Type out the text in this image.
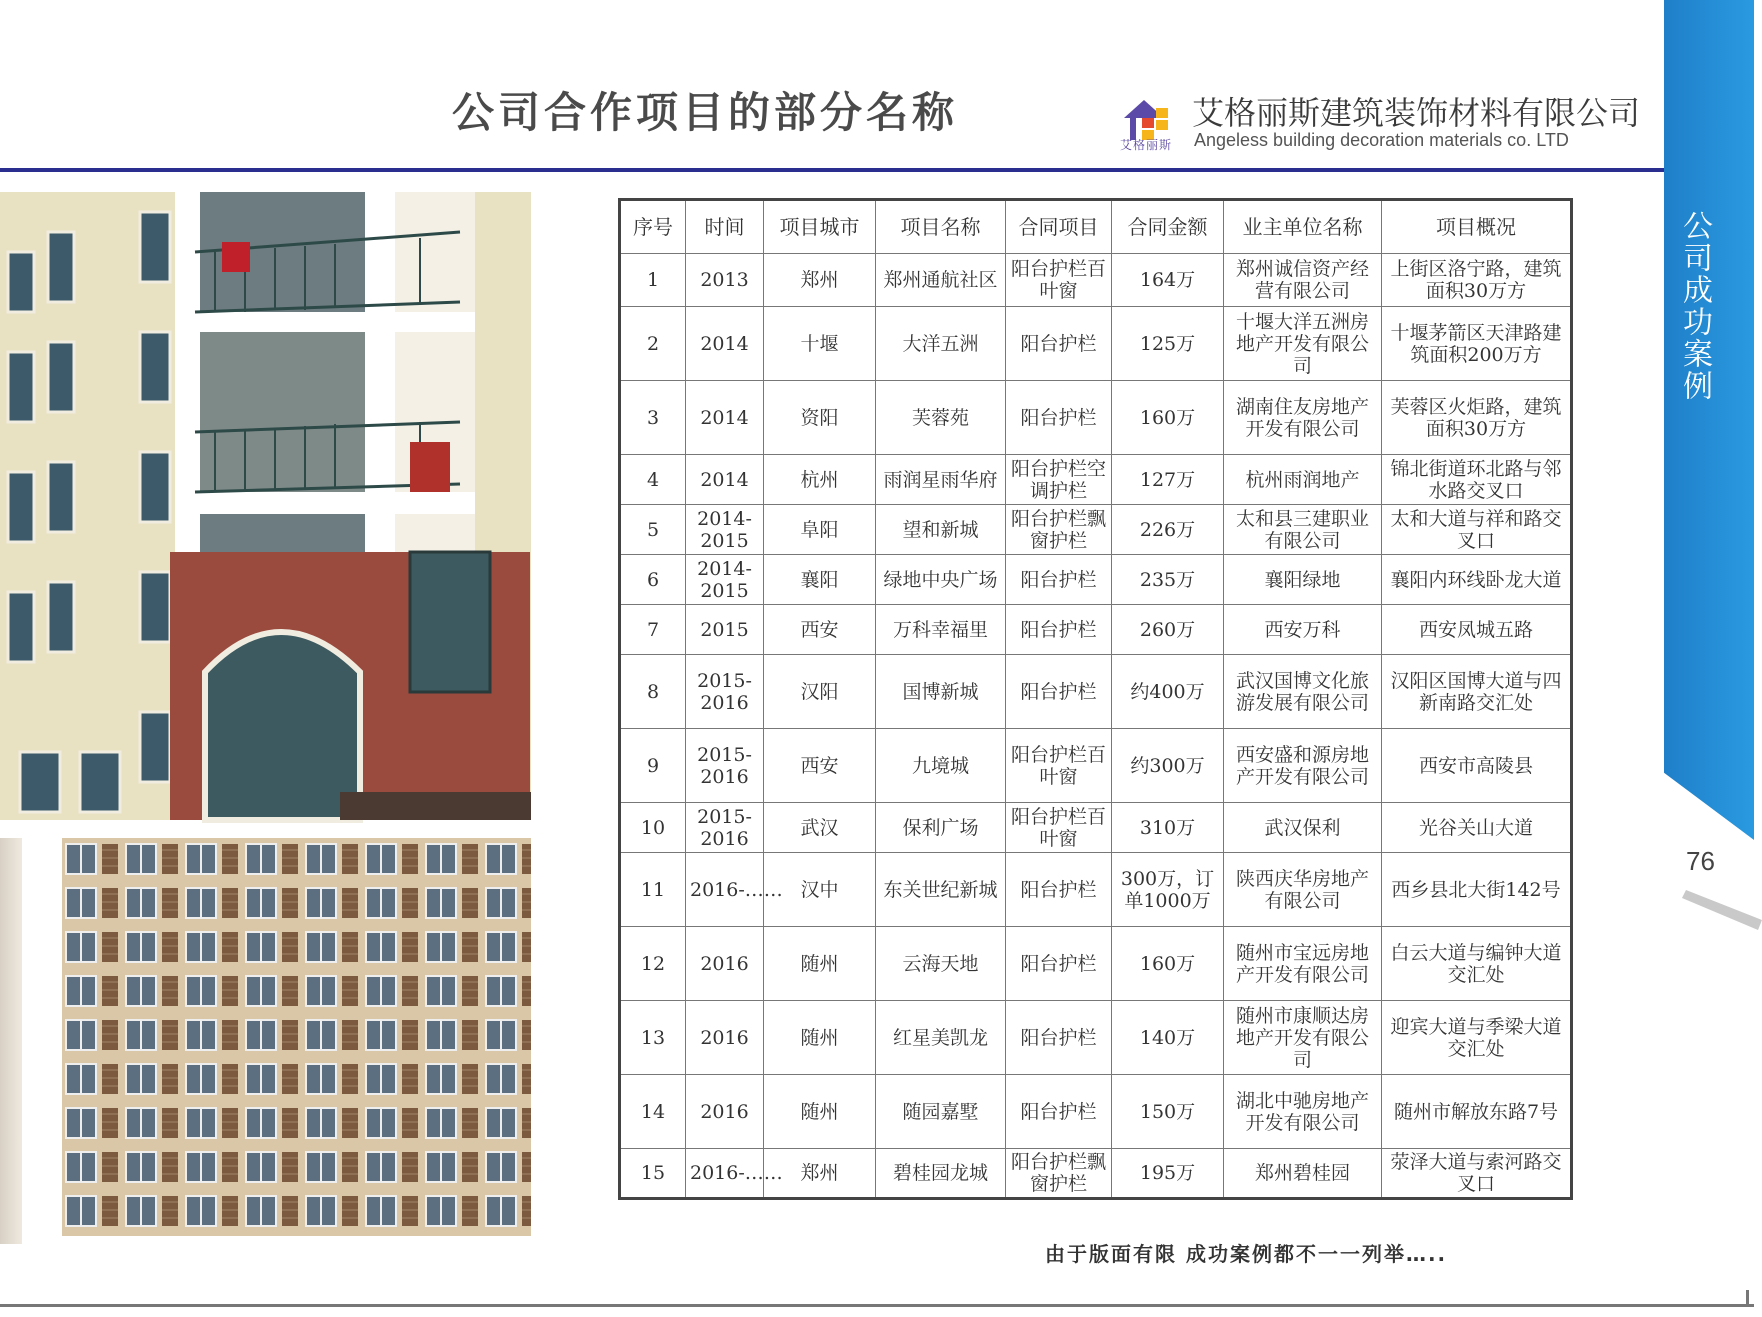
公司合作项目的部分名称
艾格丽斯
艾格丽斯建筑装饰材料有限公司
Angeless building decoration materials co. LTD
公司成功案例
76
序号	时间	项目城市	项目名称	合同项目	合同金额	业主单位名称	项目概况
1	2013	郑州	郑州通航社区	阳台护栏百叶窗	164万	郑州诚信资产经营有限公司	上街区洛宁路，建筑面积30万方
2	2014	十堰	大洋五洲	阳台护栏	125万	十堰大洋五洲房地产开发有限公司	十堰茅箭区天津路建筑面积200万方
3	2014	资阳	芙蓉苑	阳台护栏	160万	湖南住友房地产开发有限公司	芙蓉区火炬路，建筑面积30万方
4	2014	杭州	雨润星雨华府	阳台护栏空调护栏	127万	杭州雨润地产	锦北街道环北路与邻水路交叉口
5	2014-2015	阜阳	望和新城	阳台护栏飘窗护栏	226万	太和县三建职业有限公司	太和大道与祥和路交叉口
6	2014-2015	襄阳	绿地中央广场	阳台护栏	235万	襄阳绿地	襄阳内环线卧龙大道
7	2015	西安	万科幸福里	阳台护栏	260万	西安万科	西安凤城五路
8	2015-2016	汉阳	国博新城	阳台护栏	约400万	武汉国博文化旅游发展有限公司	汉阳区国博大道与四新南路交汇处
9	2015-2016	西安	九境城	阳台护栏百叶窗	约300万	西安盛和源房地产开发有限公司	西安市高陵县
10	2015-2016	武汉	保利广场	阳台护栏百叶窗	310万	武汉保利	光谷关山大道
11	2016-……	汉中	东关世纪新城	阳台护栏	300万，订单1000万	陕西庆华房地产有限公司	西乡县北大街142号
12	2016	随州	云海天地	阳台护栏	160万	随州市宝远房地产开发有限公司	白云大道与编钟大道交汇处
13	2016	随州	红星美凯龙	阳台护栏	140万	随州市康顺达房地产开发有限公司	迎宾大道与季梁大道交汇处
14	2016	随州	随园嘉墅	阳台护栏	150万	湖北中驰房地产开发有限公司	随州市解放东路7号
15	2016-……	郑州	碧桂园龙城	阳台护栏飘窗护栏	195万	郑州碧桂园	荥泽大道与索河路交叉口
由于版面有限 成功案例都不一一列举…..
